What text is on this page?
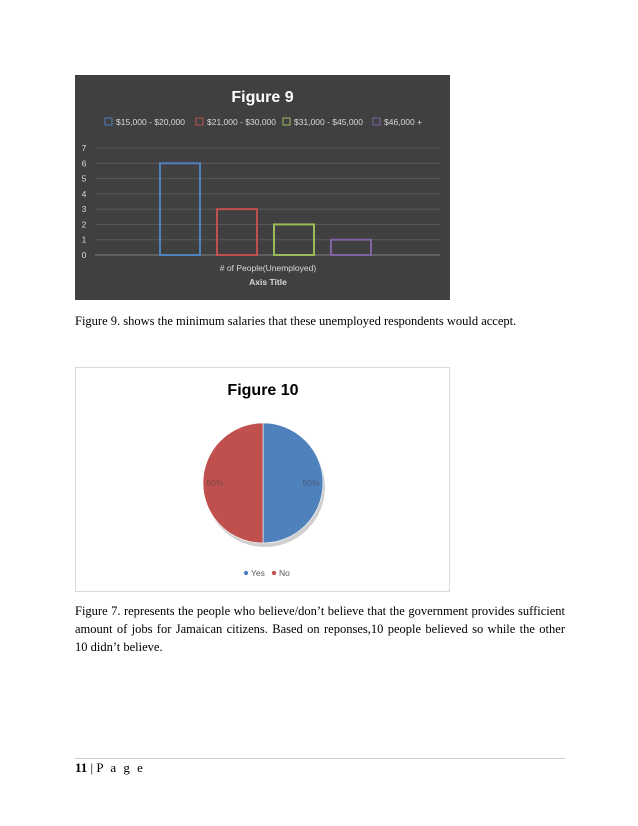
Figure 9
$15,000 - $20,000	$21,000 - $30,000 $31,000 - $45,000 $46,000 +
0
1
2
3
4
5
6
7
# of People(Unemployed)
Axis Title

Figure 9. shows the minimum salaries that these unemployed respondents would accept.

Figure 10
50%
50%
Yes No

Figure 7. represents the people who believe/don’t believe that the government provides sufficient
amount of jobs for Jamaican citizens. Based on reponses,10 people believed so while the other
10 didn’t believe.

11 | P a g e
